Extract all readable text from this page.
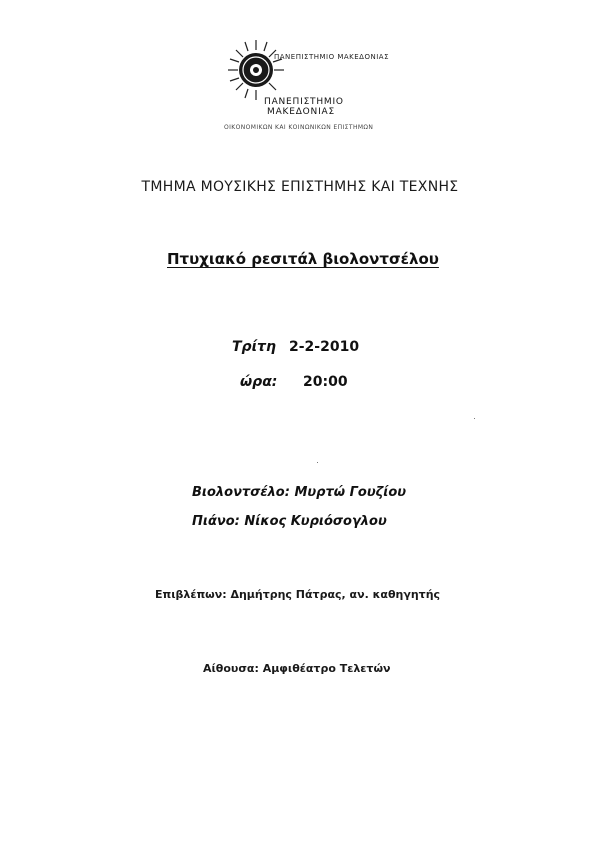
ΠΑΝΕΠΙΣΤΗΜΙΟ ΜΑΚΕΔΟΝΙΑΣ
ΠΑΝΕΠΙΣΤΗΜΙΟ
ΜΑΚΕΔΟΝΙΑΣ
ΟΙΚΟΝΟΜΙΚΩΝ ΚΑΙ ΚΟΙΝΩΝΙΚΩΝ ΕΠΙΣΤΗΜΩΝ
ΤΜΗΜΑ ΜΟΥΣΙΚΗΣ ΕΠΙΣΤΗΜΗΣ ΚΑΙ ΤΕΧΝΗΣ
Πτυχιακό ρεσιτάλ βιολοντσέλου
Τρίτη 2-2-2010
ώρα: 20:00
Βιολοντσέλο: Μυρτώ Γουζίου
Πιάνο: Νίκος Κυριόσογλου
Επιβλέπων: Δημήτρης Πάτρας, αν. καθηγητής
Αίθουσα: Αμφιθέατρο Τελετών
